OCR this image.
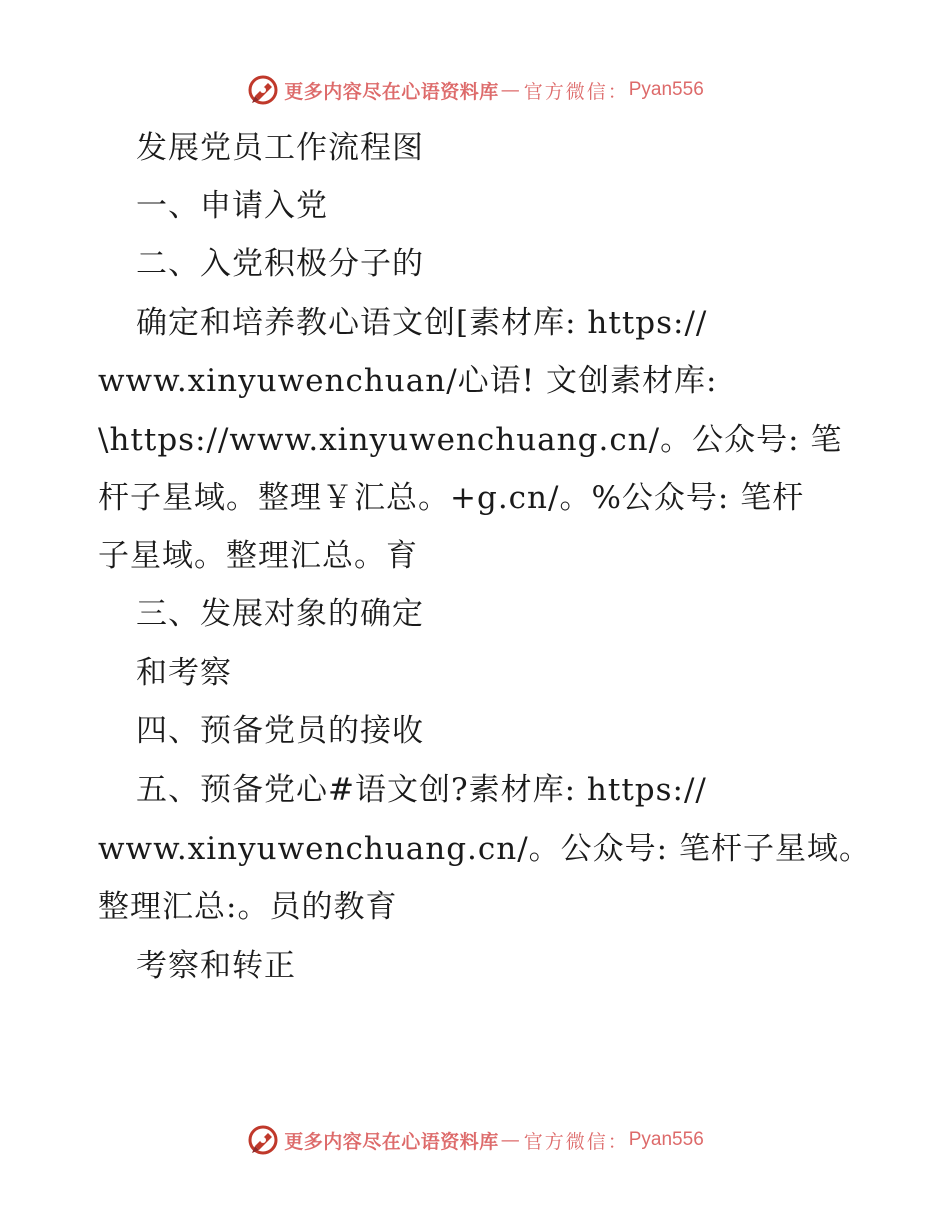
更多内容尽在心语资料库 — 官方微信： Pyan556
发展党员工作流程图
一、申请入党
二、入党积极分子的
确定和培养教心语文创[素材库: https://
www.xinyuwenchuan/心语! 文创素材库:
\https://www.xinyuwenchuang.cn/。公众号: 笔
杆子星域。整理￥汇总。+g.cn/。%公众号: 笔杆
子星域。整理汇总。育
三、发展对象的确定
和考察
四、预备党员的接收
五、预备党心#语文创?素材库: https://
www.xinyuwenchuang.cn/。公众号: 笔杆子星域。
整理汇总:。员的教育
考察和转正
更多内容尽在心语资料库 — 官方微信： Pyan556
